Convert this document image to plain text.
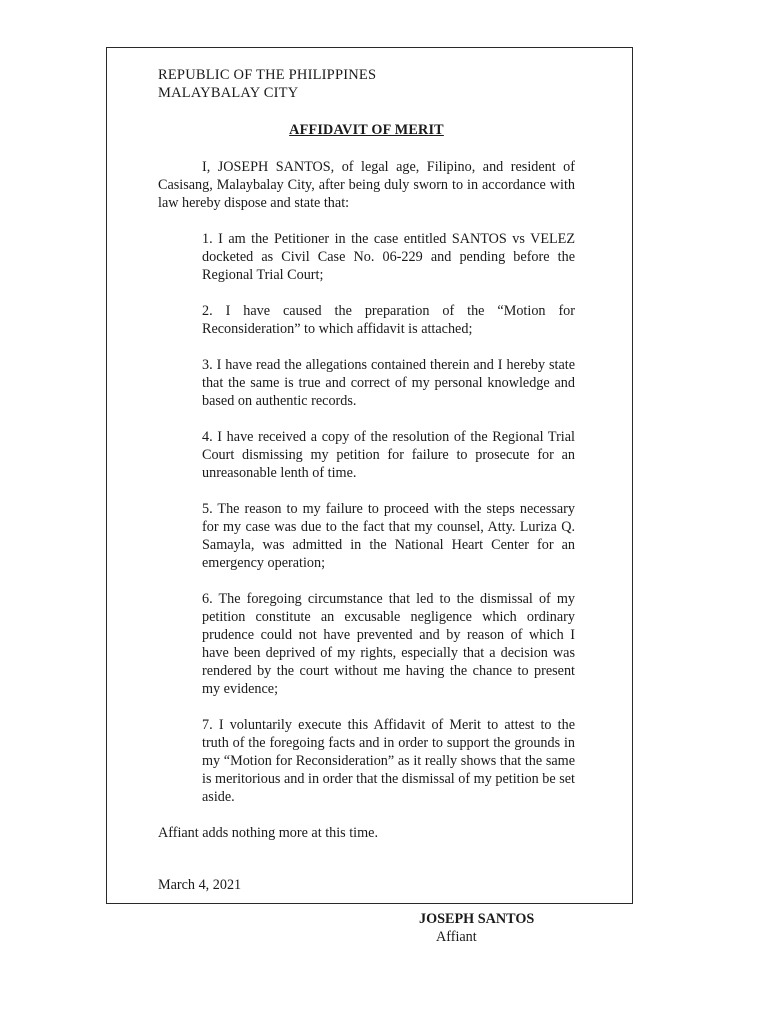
REPUBLIC OF THE PHILIPPINES

MALAYBALAY CITY

AFFIDAVIT OF MERIT

I, JOSEPH SANTOS, of legal age, Filipino, and resident of Casisang, Malaybalay City, after being duly sworn to in accordance with law hereby dispose and state that:

1. I am the Petitioner in the case entitled SANTOS vs VELEZ docketed as Civil Case No. 06-229 and pending before the Regional Trial Court;
2. I have caused the preparation of the “Motion for Reconsideration” to which affidavit is attached;
3. I have read the allegations contained therein and I hereby state that the same is true and correct of my personal knowledge and based on authentic records.
4. I have received a copy of the resolution of the Regional Trial Court dismissing my petition for failure to prosecute for an unreasonable lenth of time.
5. The reason to my failure to proceed with the steps necessary for my case was due to the fact that my counsel, Atty. Luriza Q. Samayla, was admitted in the National Heart Center for an emergency operation;
6. The foregoing circumstance that led to the dismissal of my petition constitute an excusable negligence which ordinary prudence could not have prevented and by reason of which I have been deprived of my rights, especially that a decision was rendered by the court without me having the chance to present my evidence;
7. I voluntarily execute this Affidavit of Merit to attest to the truth of the foregoing facts and in order to support the grounds in my “Motion for Reconsideration” as it really shows that the same is meritorious and in order that the dismissal of my petition be set aside.

Affiant adds nothing more at this time.

March 4, 2021

JOSEPH SANTOS

Affiant
